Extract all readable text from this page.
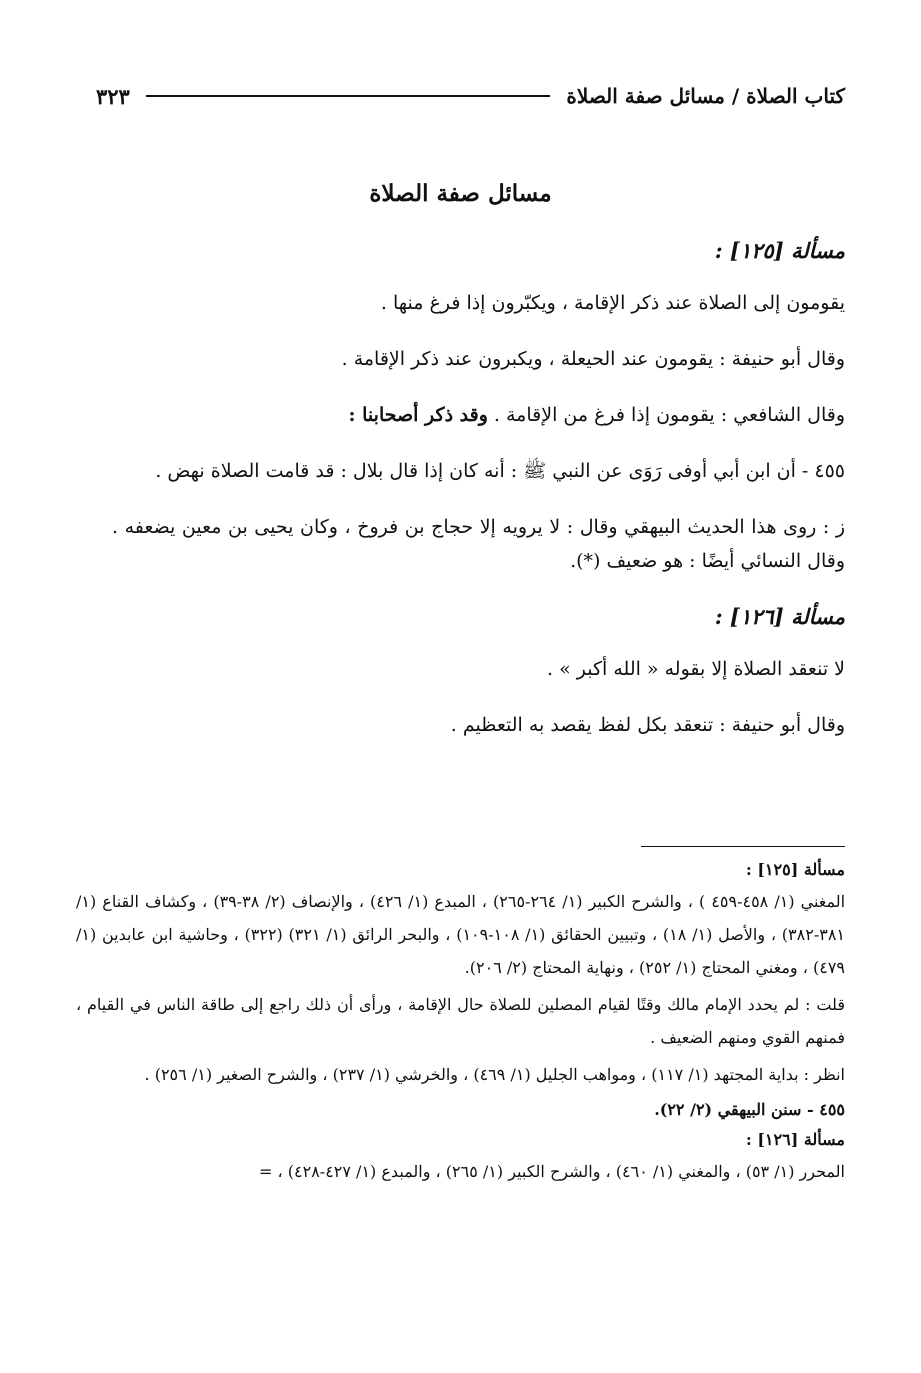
كتاب الصلاة / مسائل صفة الصلاة
٣٢٣
مسائل صفة الصلاة

مسألة [١٢٥] :

يقومون إلى الصلاة عند ذكر الإقامة ، ويكبّرون إذا فرغ منها .

وقال أبو حنيفة : يقومون عند الحيعلة ، ويكبرون عند ذكر الإقامة .

وقال الشافعي : يقومون إذا فرغ من الإقامة . وقد ذكر أصحابنا :

٤٥٥ - أن ابن أبي أوفى رَوَى عن النبي ﷺ : أنه كان إذا قال بلال : قد قامت الصلاة نهض .

ز : روى هذا الحديث البيهقي وقال : لا يرويه إلا حجاج بن فروخ ، وكان يحيى بن معين يضعفه . وقال النسائي أيضًا : هو ضعيف (*).

مسألة [١٢٦] :

لا تنعقد الصلاة إلا بقوله « الله أكبر » .

وقال أبو حنيفة : تنعقد بكل لفظ يقصد به التعظيم .

مسألة [١٢٥] :

المغني (١/ ٤٥٨-٤٥٩ ) ، والشرح الكبير (١/ ٢٦٤-٢٦٥) ، المبدع (١/ ٤٢٦) ، والإنصاف (٢/ ٣٨-٣٩) ، وكشاف القناع (١/ ٣٨١-٣٨٢) ، والأصل (١/ ١٨) ، وتبيين الحقائق (١/ ١٠٨-١٠٩) ، والبحر الرائق (١/ ٣٢١) (٣٢٢) ، وحاشية ابن عابدين (١/ ٤٧٩) ، ومغني المحتاج (١/ ٢٥٢) ، ونهاية المحتاج (٢/ ٢٠٦).

قلت : لم يحدد الإمام مالك وقتًا لقيام المصلين للصلاة حال الإقامة ، ورأى أن ذلك راجع إلى طاقة الناس في القيام ، فمنهم القوي ومنهم الضعيف .

انظر : بداية المجتهد (١/ ١١٧) ، ومواهب الجليل (١/ ٤٦٩) ، والخرشي (١/ ٢٣٧) ، والشرح الصغير (١/ ٢٥٦) .

٤٥٥ - سنن البيهقي (٢/ ٢٢).

مسألة [١٢٦] :

المحرر (١/ ٥٣) ، والمغني (١/ ٤٦٠) ، والشرح الكبير (١/ ٢٦٥) ، والمبدع (١/ ٤٢٧-٤٢٨) ، =
